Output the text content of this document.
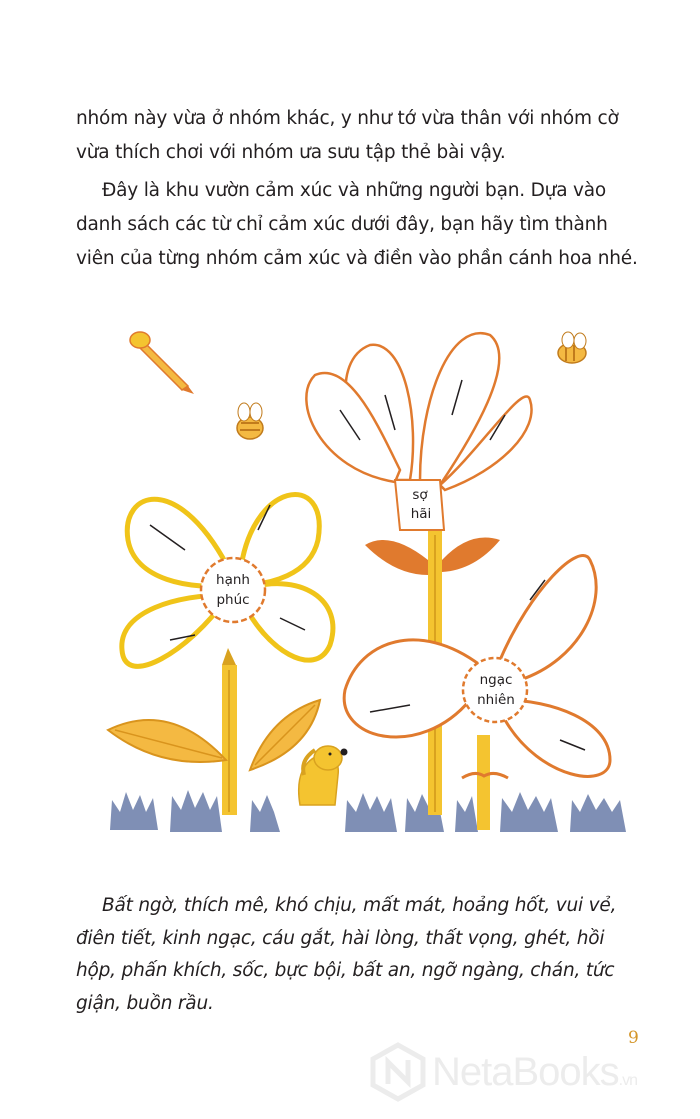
nhóm này vừa ở nhóm khác, y như tớ vừa thân với nhóm cờ
vừa thích chơi với nhóm ưa sưu tập thẻ bài vậy.
Đây là khu vườn cảm xúc và những người bạn. Dựa vào
danh sách các từ chỉ cảm xúc dưới đây, bạn hãy tìm thành
viên của từng nhóm cảm xúc và điền vào phần cánh hoa nhé.
hạnh
phúc
sợ
hãi
ngạc
nhiên
Bất ngờ, thích mê, khó chịu, mất mát, hoảng hốt, vui vẻ,
điên tiết, kinh ngạc, cáu gắt, hài lòng, thất vọng, ghét, hồi
hộp, phấn khích, sốc, bực bội, bất an, ngỡ ngàng, chán, tức
giận, buồn rầu.
9
NetaBooks.vn
